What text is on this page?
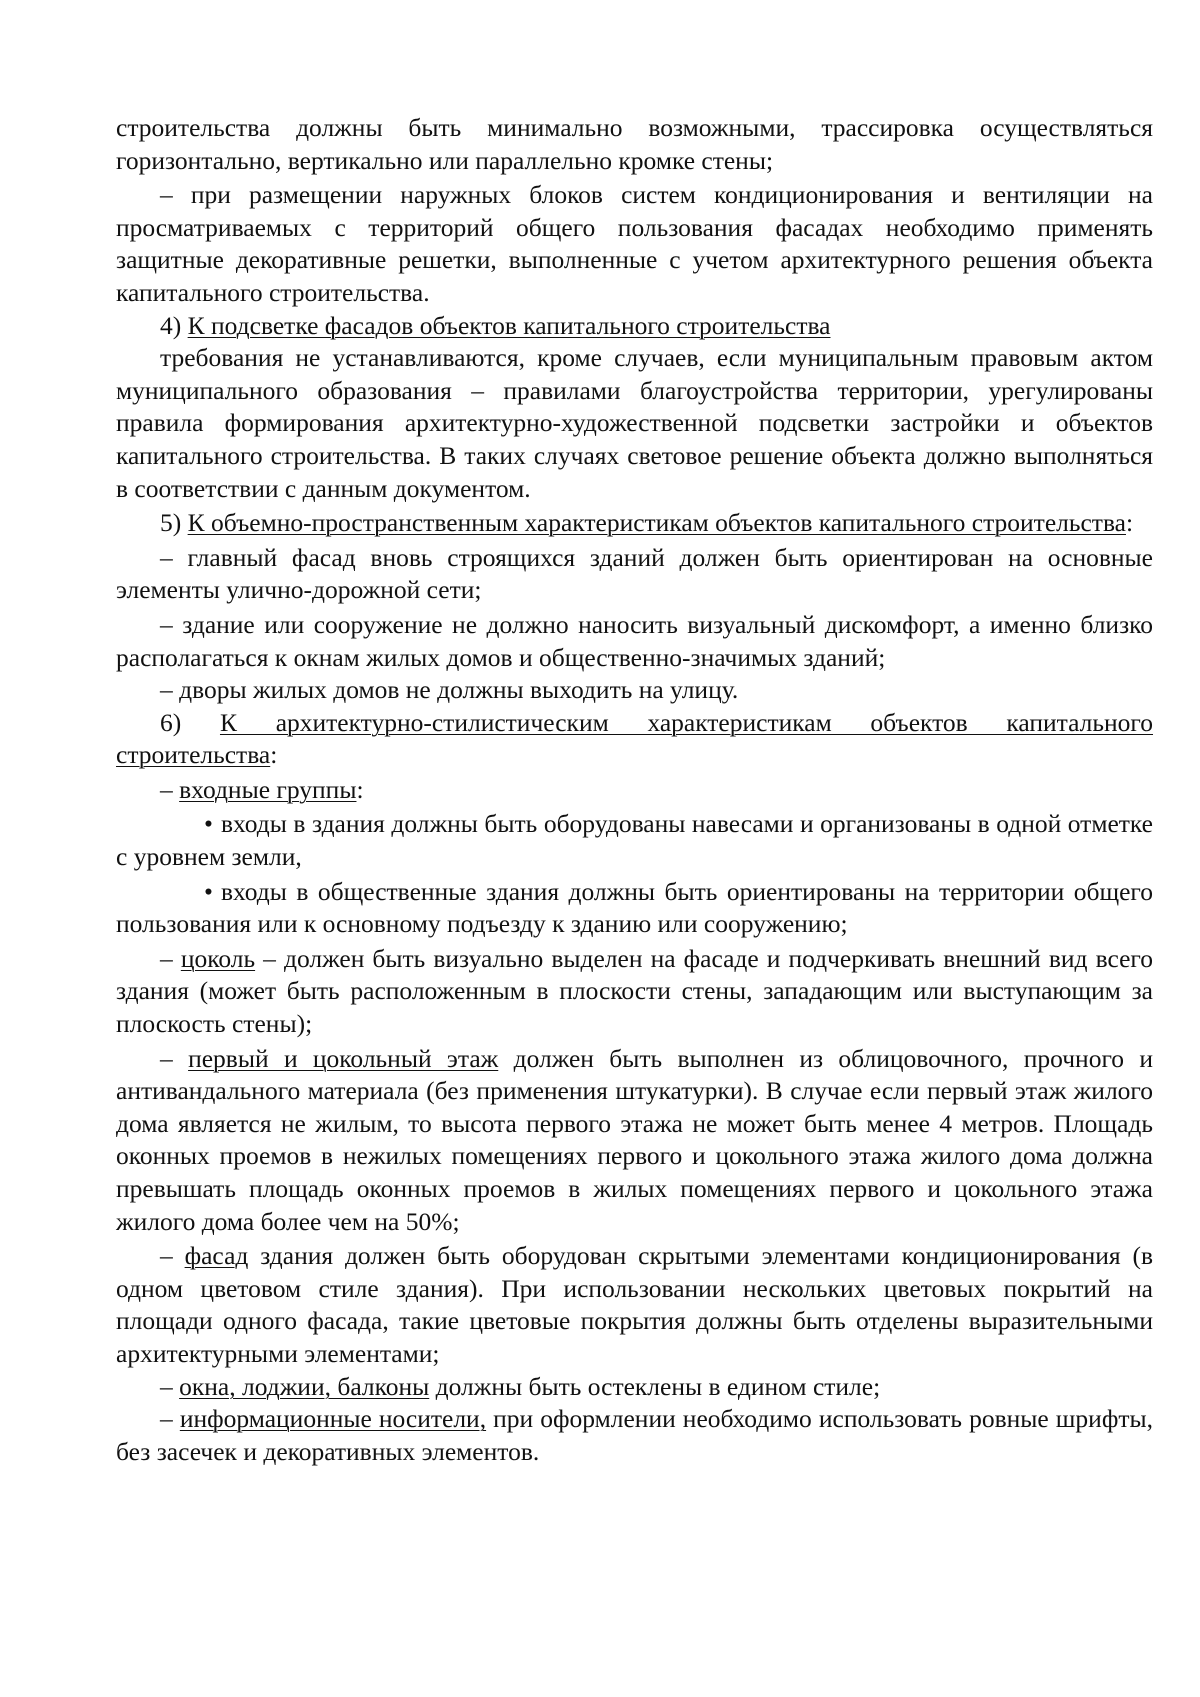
строительства должны быть минимально возможными, трассировка осуществляться горизонтально, вертикально или параллельно кромке стены;

– при размещении наружных блоков систем кондиционирования и вентиляции на просматриваемых с территорий общего пользования фасадах необходимо применять защитные декоративные решетки, выполненные с учетом архитектурного решения объекта капитального строительства.

4) К подсветке фасадов объектов капитального строительства

требования не устанавливаются, кроме случаев, если муниципальным правовым актом муниципального образования – правилами благоустройства территории, урегулированы правила формирования архитектурно-художественной подсветки застройки и объектов капитального строительства. В таких случаях световое решение объекта должно выполняться в соответствии с данным документом.

5) К объемно-пространственным характеристикам объектов капитального строительства:

– главный фасад вновь строящихся зданий должен быть ориентирован на основные элементы улично-дорожной сети;

– здание или сооружение не должно наносить визуальный дискомфорт, а именно близко располагаться к окнам жилых домов и общественно-значимых зданий;

– дворы жилых домов не должны выходить на улицу.

6) К архитектурно-стилистическим характеристикам объектов капитального строительства:

– входные группы:

• входы в здания должны быть оборудованы навесами и организованы в одной отметке с уровнем земли,

• входы в общественные здания должны быть ориентированы на территории общего пользования или к основному подъезду к зданию или сооружению;

– цоколь – должен быть визуально выделен на фасаде и подчеркивать внешний вид всего здания (может быть расположенным в плоскости стены, западающим или выступающим за плоскость стены);

– первый и цокольный этаж должен быть выполнен из облицовочного, прочного и антивандального материала (без применения штукатурки). В случае если первый этаж жилого дома является не жилым, то высота первого этажа не может быть менее 4 метров. Площадь оконных проемов в нежилых помещениях первого и цокольного этажа жилого дома должна превышать площадь оконных проемов в жилых помещениях первого и цокольного этажа жилого дома более чем на 50%;

– фасад здания должен быть оборудован скрытыми элементами кондиционирования (в одном цветовом стиле здания). При использовании нескольких цветовых покрытий на площади одного фасада, такие цветовые покрытия должны быть отделены выразительными архитектурными элементами;

– окна, лоджии, балконы должны быть остеклены в едином стиле;

– информационные носители, при оформлении необходимо использовать ровные шрифты, без засечек и декоративных элементов.
